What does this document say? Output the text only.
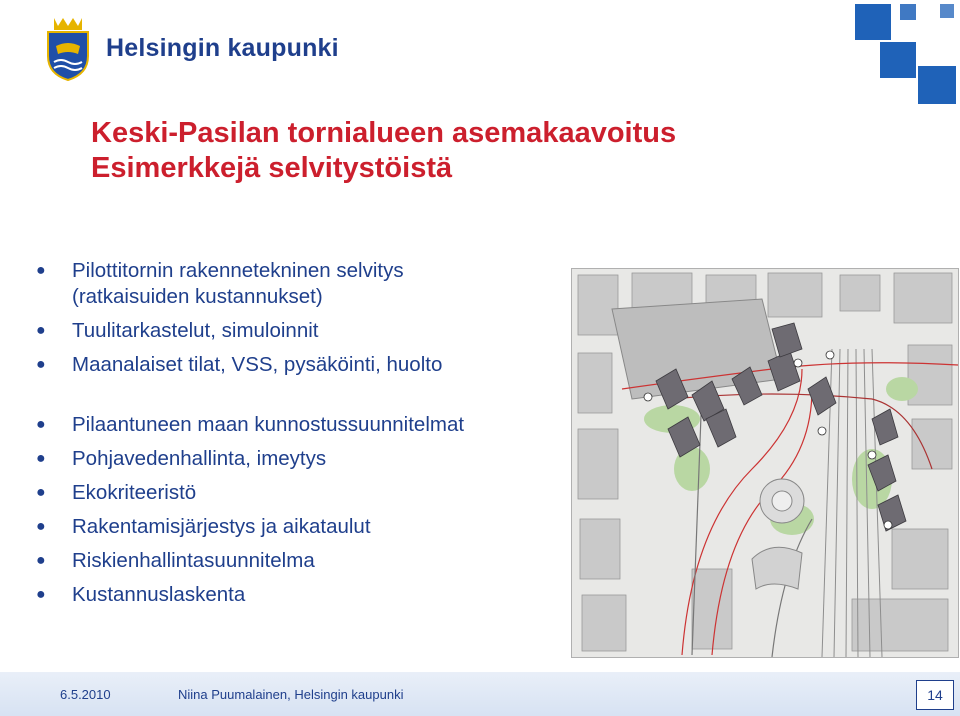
Helsingin kaupunki
Keski-Pasilan tornialueen asemakaavoitus
Esimerkkejä selvitystöistä
●	Pilottitornin rakennetekninen selvitys
(ratkaisuiden kustannukset)
●	Tuulitarkastelut, simuloinnit
●	Maanalaiset tilat, VSS, pysäköinti, huolto
●	Pilaantuneen maan kunnostussuunnitelmat
●	Pohjavedenhallinta, imeytys
●	Ekokriteeristö
●	Rakentamisjärjestys ja aikataulut
●	Riskienhallintasuunnitelma
●	Kustannuslaskenta
6.5.2010	Niina Puumalainen, Helsingin kaupunki	14
